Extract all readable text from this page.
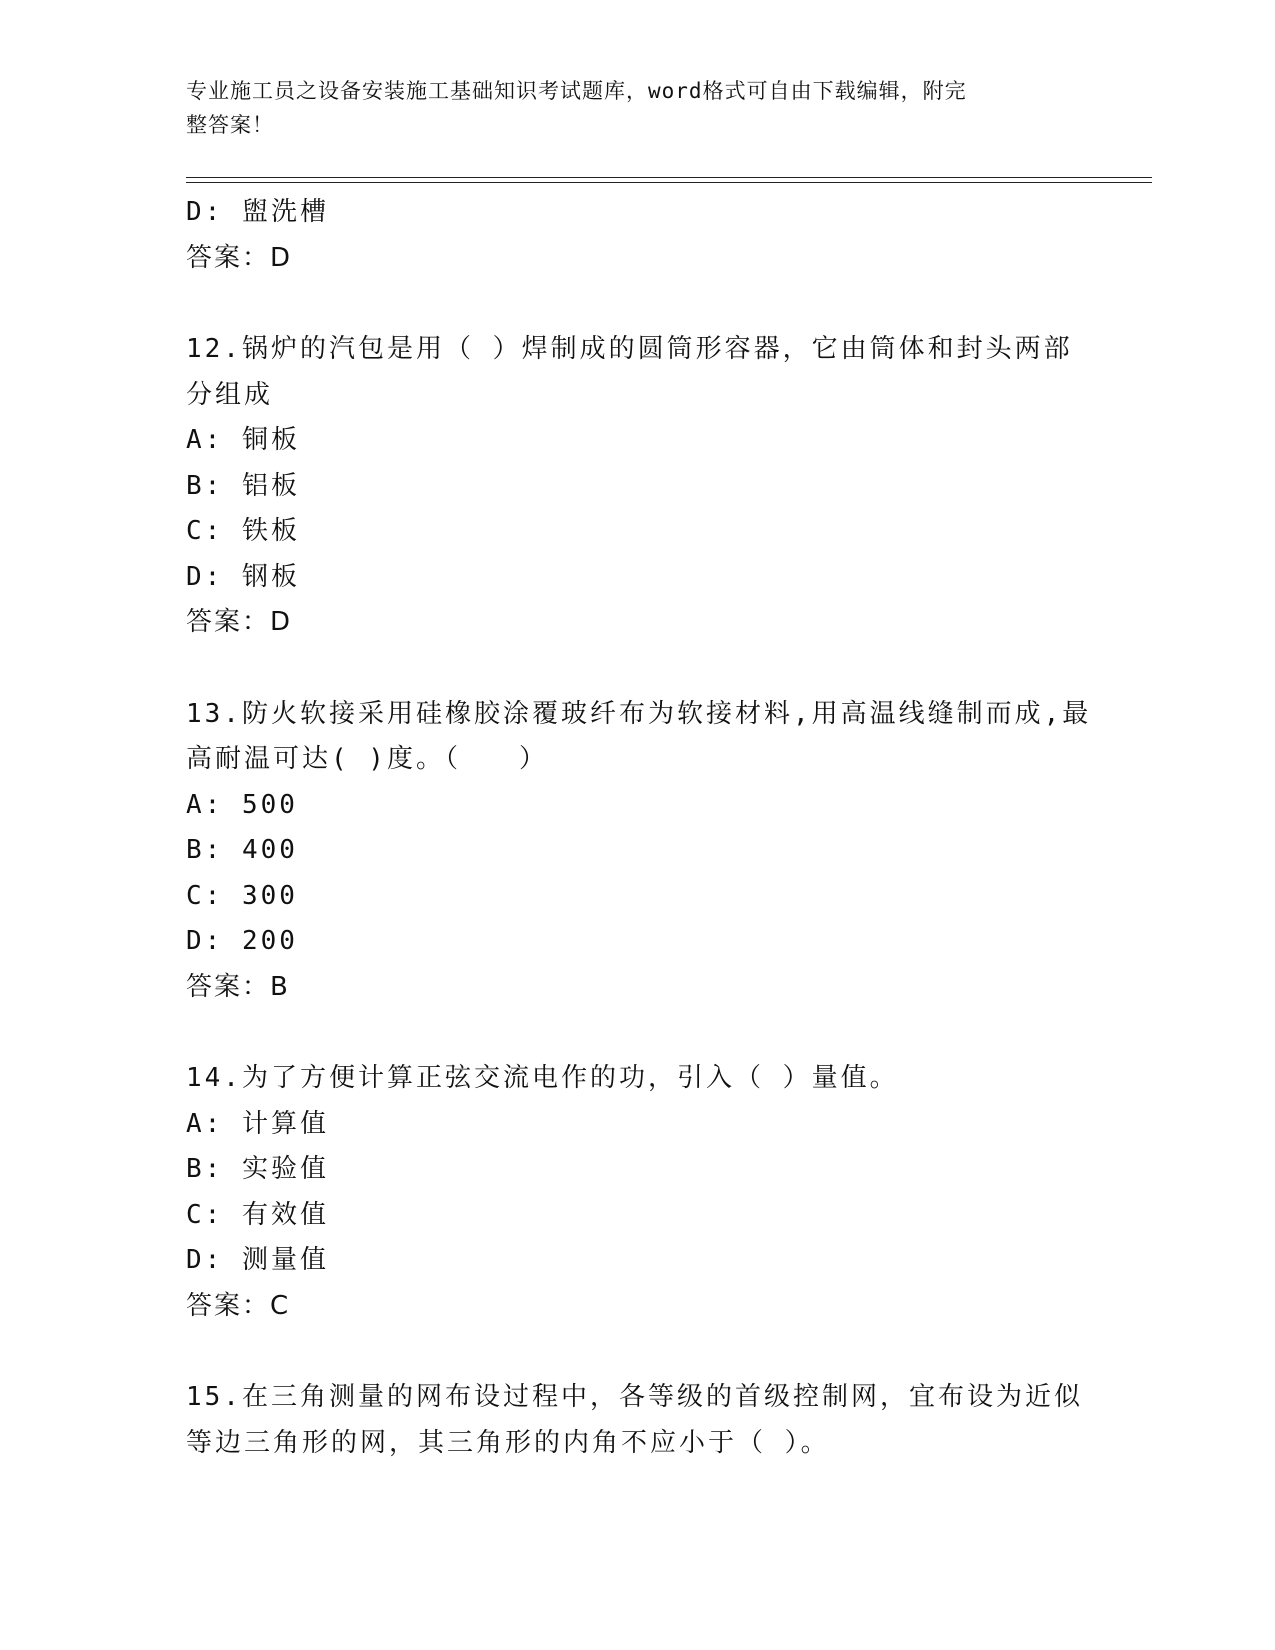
专业施工员之设备安装施工基础知识考试题库，word格式可自由下载编辑，附完
整答案！
D: 盥洗槽
答案：D
12.锅炉的汽包是用（ ）焊制成的圆筒形容器，它由筒体和封头两部
分组成
A: 铜板
B: 铝板
C: 铁板
D: 钢板
答案：D
13.防火软接采用硅橡胶涂覆玻纤布为软接材料,用高温线缝制而成,最
高耐温可达( )度。（　　）
A: 500
B: 400
C: 300
D: 200
答案：B
14.为了方便计算正弦交流电作的功，引入（ ）量值。
A: 计算值
B: 实验值
C: 有效值
D: 测量值
答案：C
15.在三角测量的网布设过程中，各等级的首级控制网，宜布设为近似
等边三角形的网，其三角形的内角不应小于（ ）。
